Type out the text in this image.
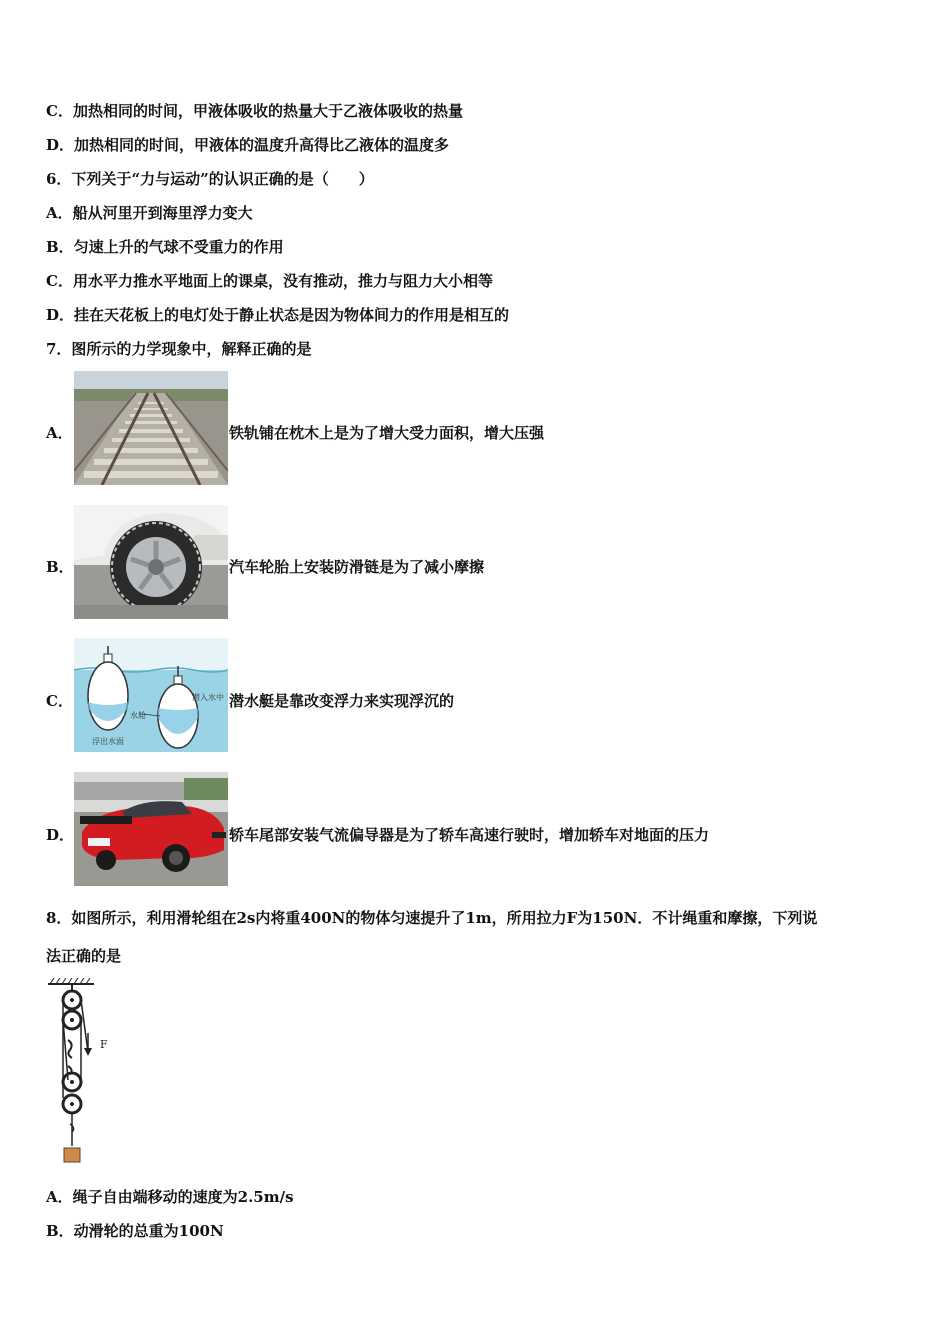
C．加热相同的时间，甲液体吸收的热量大于乙液体吸收的热量
D．加热相同的时间，甲液体的温度升高得比乙液体的温度多
6．下列关于“力与运动”的认识正确的是（　　）
A．船从河里开到海里浮力变大
B．匀速上升的气球不受重力的作用
C．用水平力推水平地面上的课桌，没有推动，推力与阻力大小相等
D．挂在天花板上的电灯处于静止状态是因为物体间力的作用是相互的
7．图所示的力学现象中，解释正确的是
A．	铁轨铺在枕木上是为了增大受力面积，增大压强
B．	汽车轮胎上安装防滑链是为了减小摩擦
C．
水舱
潜入水中
浮出水面
潜水艇是靠改变浮力来实现浮沉的
D．	轿车尾部安装气流偏导器是为了轿车高速行驶时，增加轿车对地面的压力
8．如图所示，利用滑轮组在2s内将重400N的物体匀速提升了1m，所用拉力F为150N．不计绳重和摩擦，下列说
法正确的是
F
A．绳子自由端移动的速度为2.5m/s
B．动滑轮的总重为100N
